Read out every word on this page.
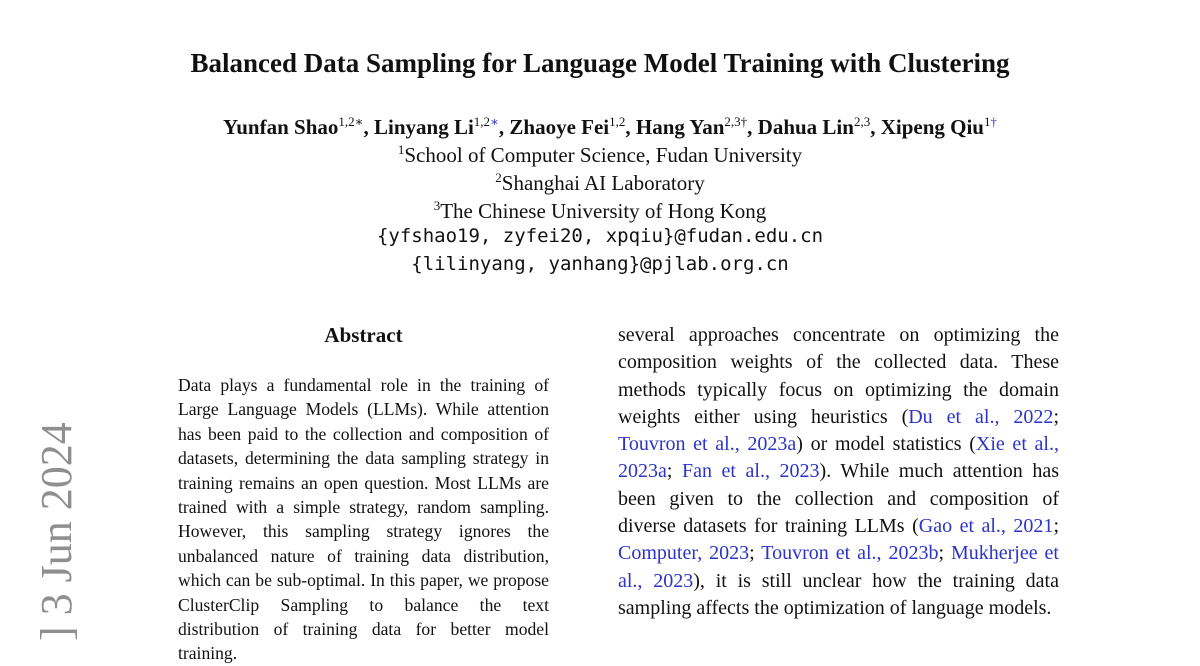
Balanced Data Sampling for Language Model Training with Clustering
Yunfan Shao$^{1,2∗}$, Linyang $Li^{1,2∗}$, Zhaoye Fei$^{1,2}$, Hang Yan$^{2,3\dagger}$, Dahua Lin$^{2,3}$, Xipeng Qiu$^{1\dagger}$
$^1$School of Computer Science, Fudan University
$^2$Shanghai AI Laboratory
$^3$The Chinese University of Hong Kong
{yfshao19, zyfei20, xpqiu}@fudan.edu.cn
{lilinyang, yanhang}@pjlab.org.cn
Abstract

Data plays a fundamental role in the training of Large Language Models (LLMs). While attention has been paid to the collection and composition of datasets, determining the data sampling strategy in training remains an open question. Most LLMs are trained with a simple strategy, random sampling. However, this sampling strategy ignores the unbalanced nature of training data distribution, which can be sub-optimal. In this paper, we propose ClusterClip Sampling to balance the text distribution of training data for better model training.

several approaches concentrate on optimizing the composition weights of the collected data. These methods typically focus on optimizing the domain weights either using heuristics (Du et al., 2022; Touvron et al., 2023a) or model statistics (Xie et al., 2023a; Fan et al., 2023). While much attention has been given to the collection and composition of diverse datasets for training LLMs (Gao et al., 2021; Computer, 2023; Touvron et al., 2023b; Mukherjee et al., 2023), it is still unclear how the training data sampling affects the optimization of language models.

] 3 Jun 2024
